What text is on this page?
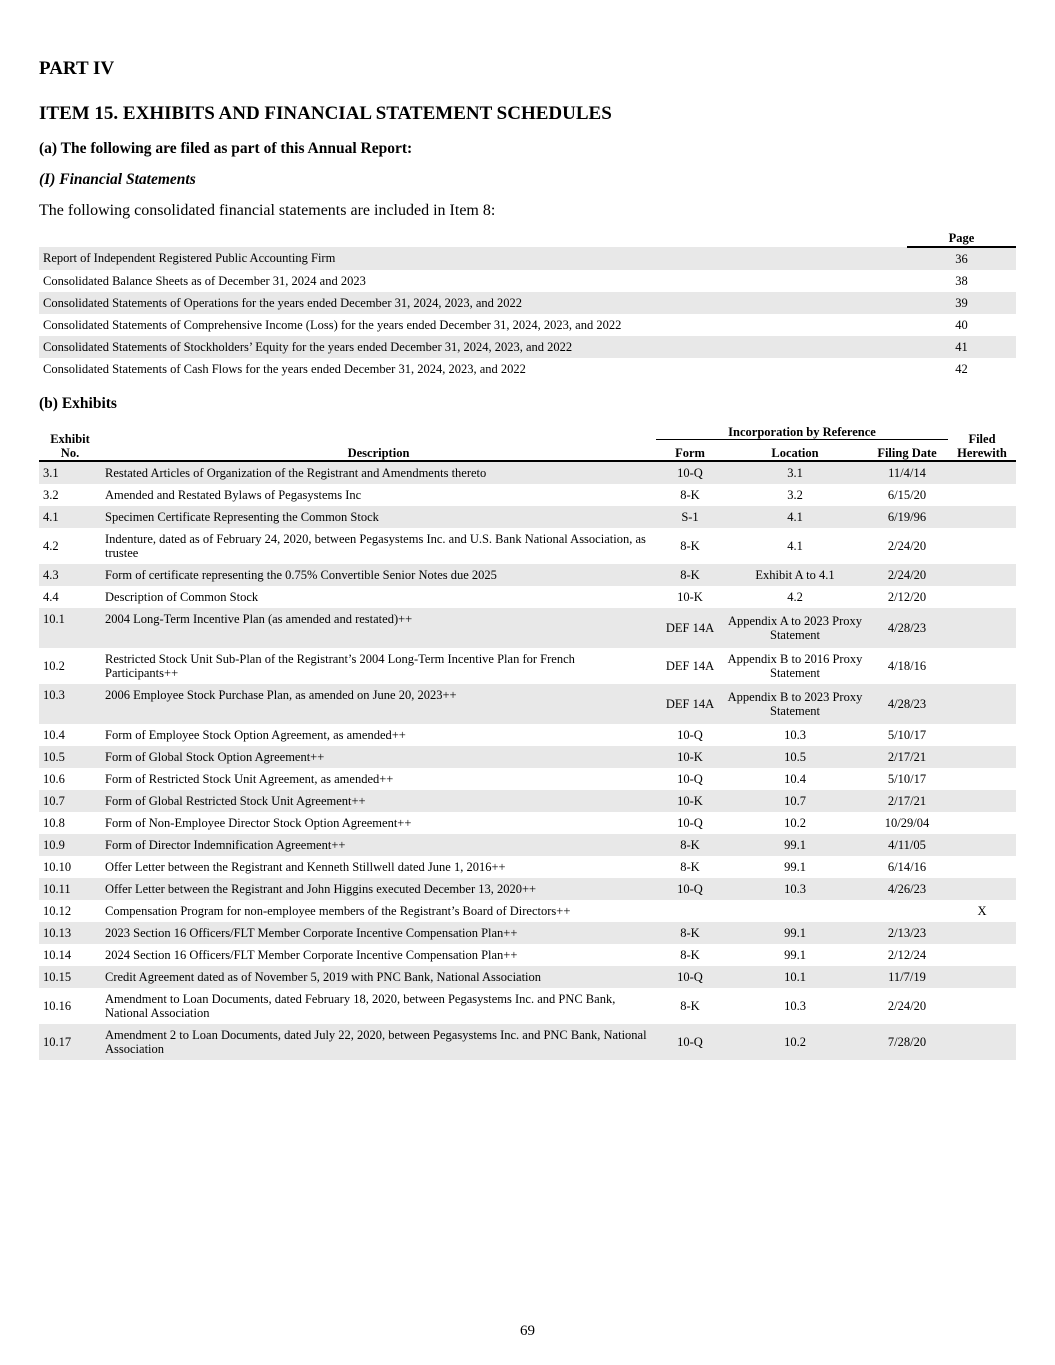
PART IV
ITEM 15. EXHIBITS AND FINANCIAL STATEMENT SCHEDULES

(a) The following are filed as part of this Annual Report:

(I) Financial Statements

The following consolidated financial statements are included in Item 8:

	Page
Report of Independent Registered Public Accounting Firm	36
Consolidated Balance Sheets as of December 31, 2024 and 2023	38
Consolidated Statements of Operations for the years ended December 31, 2024, 2023, and 2022	39
Consolidated Statements of Comprehensive Income (Loss) for the years ended December 31, 2024, 2023, and 2022	40
Consolidated Statements of Stockholders’ Equity for the years ended December 31, 2024, 2023, and 2022	41
Consolidated Statements of Cash Flows for the years ended December 31, 2024, 2023, and 2022	42

(b) Exhibits

Exhibit
No.	Description	Incorporation by Reference			Filed
Herewith
		Form	Location	Filing Date	
3.1	Restated Articles of Organization of the Registrant and Amendments thereto	10-Q	3.1	11/4/14	
3.2	Amended and Restated Bylaws of Pegasystems Inc	8-K	3.2	6/15/20	
4.1	Specimen Certificate Representing the Common Stock	S-1	4.1	6/19/96	
4.2	Indenture, dated as of February 24, 2020, between Pegasystems Inc. and U.S. Bank National Association, as trustee	8-K	4.1	2/24/20	
4.3	Form of certificate representing the 0.75% Convertible Senior Notes due 2025	8-K	Exhibit A to 4.1	2/24/20	
4.4	Description of Common Stock	10-K	4.2	2/12/20	
10.1	2004 Long-Term Incentive Plan (as amended and restated)++	DEF 14A	Appendix A to 2023 Proxy Statement	4/28/23	
10.2	Restricted Stock Unit Sub-Plan of the Registrant’s 2004 Long-Term Incentive Plan for French Participants++	DEF 14A	Appendix B to 2016 Proxy Statement	4/18/16	
10.3	2006 Employee Stock Purchase Plan, as amended on June 20, 2023++	DEF 14A	Appendix B to 2023 Proxy Statement	4/28/23	
10.4	Form of Employee Stock Option Agreement, as amended++	10-Q	10.3	5/10/17	
10.5	Form of Global Stock Option Agreement++	10-K	10.5	2/17/21	
10.6	Form of Restricted Stock Unit Agreement, as amended++	10-Q	10.4	5/10/17	
10.7	Form of Global Restricted Stock Unit Agreement++	10-K	10.7	2/17/21	
10.8	Form of Non-Employee Director Stock Option Agreement++	10-Q	10.2	10/29/04	
10.9	Form of Director Indemnification Agreement++	8-K	99.1	4/11/05	
10.10	Offer Letter between the Registrant and Kenneth Stillwell dated June 1, 2016++	8-K	99.1	6/14/16	
10.11	Offer Letter between the Registrant and John Higgins executed December 13, 2020++	10-Q	10.3	4/26/23	
10.12	Compensation Program for non-employee members of the Registrant’s Board of Directors++				X
10.13	2023 Section 16 Officers/FLT Member Corporate Incentive Compensation Plan++	8-K	99.1	2/13/23	
10.14	2024 Section 16 Officers/FLT Member Corporate Incentive Compensation Plan++	8-K	99.1	2/12/24	
10.15	Credit Agreement dated as of November 5, 2019 with PNC Bank, National Association	10-Q	10.1	11/7/19	
10.16	Amendment to Loan Documents, dated February 18, 2020, between Pegasystems Inc. and PNC Bank, National Association	8-K	10.3	2/24/20	
10.17	Amendment 2 to Loan Documents, dated July 22, 2020, between Pegasystems Inc. and PNC Bank, National Association	10-Q	10.2	7/28/20	
69
